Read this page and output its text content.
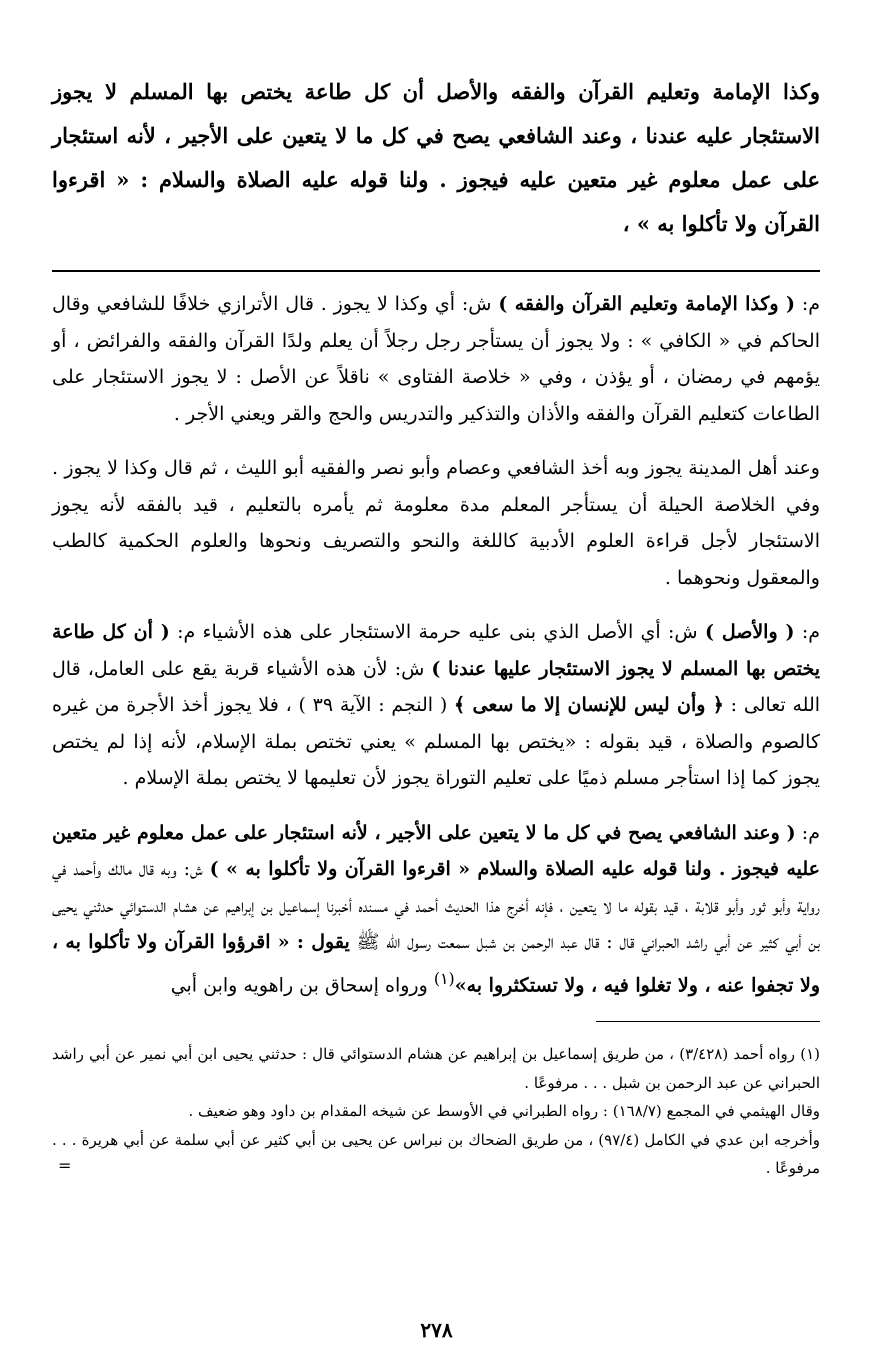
وكذا الإمامة وتعليم القرآن والفقه والأصل أن كل طاعة يختص بها المسلم لا يجوز الاستئجار عليه عندنا ، وعند الشافعي يصح في كل ما لا يتعين على الأجير ، لأنه استئجار على عمل معلوم غير متعين عليه فيجوز . ولنا قوله عليه الصلاة والسلام : « اقرءوا القرآن ولا تأكلوا به » ،

م: ( وكذا الإمامة وتعليم القرآن والفقه ) ش: أي وكذا لا يجوز . قال الأترازي خلافًا للشافعي وقال الحاكم في « الكافي » : ولا يجوز أن يستأجر رجل رجلاً أن يعلم ولدًا القرآن والفقه والفرائض ، أو يؤمهم في رمضان ، أو يؤذن ، وفي « خلاصة الفتاوى » ناقلاً عن الأصل : لا يجوز الاستئجار على الطاعات كتعليم القرآن والفقه والأذان والتذكير والتدريس والحج والقر ويعني الأجر .

وعند أهل المدينة يجوز وبه أخذ الشافعي وعصام وأبو نصر والفقيه أبو الليث ، ثم قال وكذا لا يجوز . وفي الخلاصة الحيلة أن يستأجر المعلم مدة معلومة ثم يأمره بالتعليم ، قيد بالفقه لأنه يجوز الاستئجار لأجل قراءة العلوم الأدبية كاللغة والنحو والتصريف ونحوها والعلوم الحكمية كالطب والمعقول ونحوهما .

م: ( والأصل ) ش: أي الأصل الذي بنى عليه حرمة الاستئجار على هذه الأشياء م: ( أن كل طاعة يختص بها المسلم لا يجوز الاستئجار عليها عندنا ) ش: لأن هذه الأشياء قربة يقع على العامل، قال الله تعالى : ﴿ وأن ليس للإنسان إلا ما سعى ﴾ ( النجم : الآية ٣٩ ) ، فلا يجوز أخذ الأجرة من غيره كالصوم والصلاة ، قيد بقوله : «يختص بها المسلم » يعني تختص بملة الإسلام، لأنه إذا لم يختص يجوز كما إذا استأجر مسلم ذميًا على تعليم التوراة يجوز لأن تعليمها لا يختص بملة الإسلام .

م: ( وعند الشافعي يصح في كل ما لا يتعين على الأجير ، لأنه استئجار على عمل معلوم غير متعين عليه فيجوز . ولنا قوله عليه الصلاة والسلام « اقرءوا القرآن ولا تأكلوا به » ) ش: وبه قال مالك وأحمد في رواية وأبو ثور وأبو قلابة ، قيد بقوله ما لا يتعين ، فإنه أخرج هذا الحديث أحمد في مسنده أخبرنا إسماعيل بن إبراهيم عن هشام الدستوائي حدثني يحيى بن أبي كثير عن أبي راشد الحبراني قال : قال عبد الرحمن بن شبل سمعت رسول الله ﷺ يقول : « اقرؤوا القرآن ولا تأكلوا به ، ولا تجفوا عنه ، ولا تغلوا فيه ، ولا تستكثروا به»$^{(١)}$ ورواه إسحاق بن راهويه وابن أبي

(١) رواه أحمد (٣/٤٢٨) ، من طريق إسماعيل بن إبراهيم عن هشام الدستوائي قال : حدثني يحيى ابن أبي نمير عن أبي راشد الحبراني عن عبد الرحمن بن شبل . . . مرفوعًا .

وقال الهيثمي في المجمع (١٦٨/٧) : رواه الطبراني في الأوسط عن شيخه المقدام بن داود وهو ضعيف .

وأخرجه ابن عدي في الكامل (٩٧/٤) ، من طريق الضحاك بن نبراس عن يحيى بن أبي كثير عن أبي سلمة عن أبي هريرة . . . مرفوعًا .

=
٢٧٨
